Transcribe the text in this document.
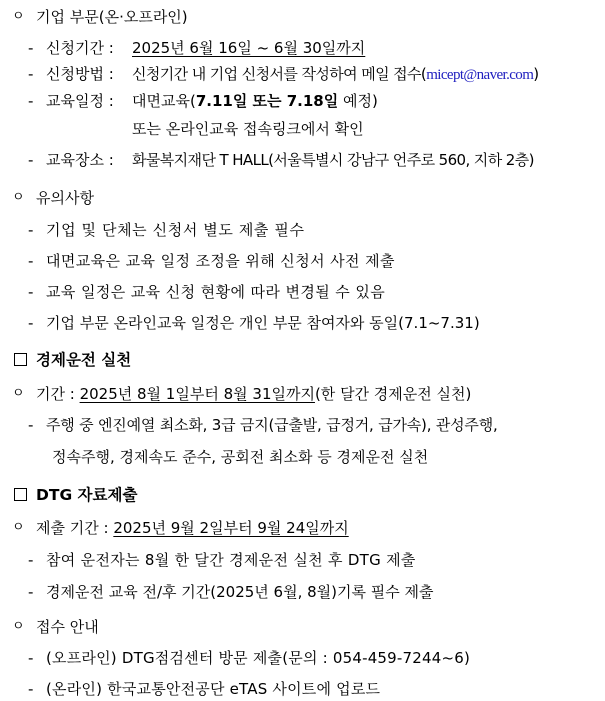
ㅇ 기업 부문(온·오프라인)
- 신청기간 : 2025년 6월 16일 ~ 6월 30일까지
- 신청방법 : 신청기간 내 기업 신청서를 작성하여 메일 접수(micept@naver.com)
- 교육일정 : 대면교육(7.11일 또는 7.18일 예정)
또는 온라인교육 접속링크에서 확인
- 교육장소 : 화물복지재단 T HALL(서울특별시 강남구 언주로 560, 지하 2층)
ㅇ 유의사항
- 기업 및 단체는 신청서 별도 제출 필수
- 대면교육은 교육 일정 조정을 위해 신청서 사전 제출
- 교육 일정은 교육 신청 현황에 따라 변경될 수 있음
- 기업 부문 온라인교육 일정은 개인 부문 참여자와 동일(7.1~7.31)
경제운전 실천
ㅇ 기간 : 2025년 8월 1일부터 8월 31일까지(한 달간 경제운전 실천)
- 주행 중 엔진예열 최소화, 3급 금지(급출발, 급정거, 급가속), 관성주행,
정속주행, 경제속도 준수, 공회전 최소화 등 경제운전 실천
DTG 자료제출
ㅇ 제출 기간 : 2025년 9월 2일부터 9월 24일까지
- 참여 운전자는 8월 한 달간 경제운전 실천 후 DTG 제출
- 경제운전 교육 전/후 기간(2025년 6월, 8월)기록 필수 제출
ㅇ 접수 안내
- (오프라인) DTG점검센터 방문 제출(문의 : 054-459-7244~6)
- (온라인) 한국교통안전공단 eTAS 사이트에 업로드
